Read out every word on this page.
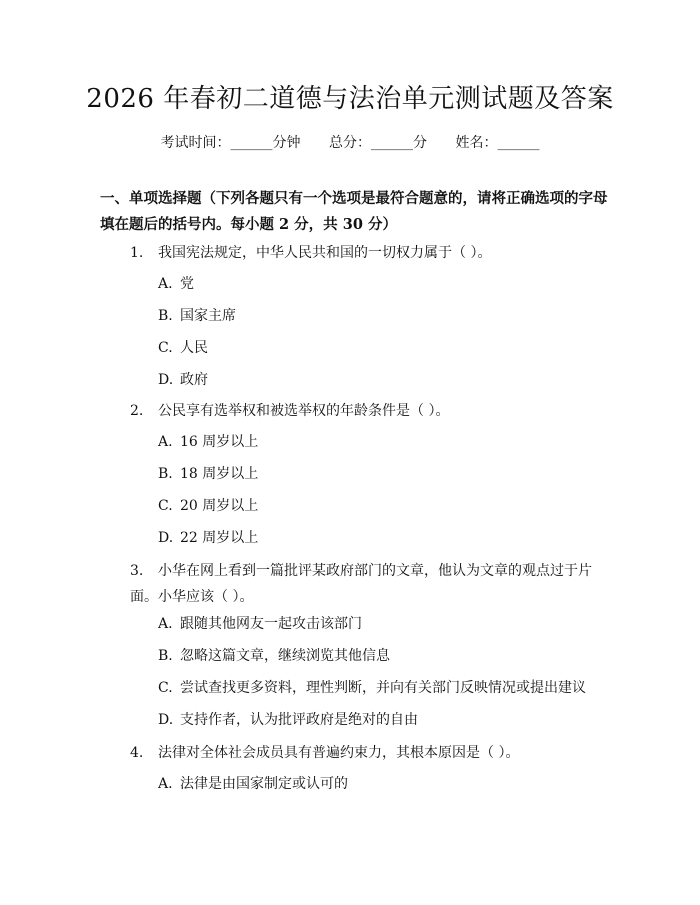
2026 年春初二道德与法治单元测试题及答案
考试时间：______分钟 总分：______分 姓名：______
一、单项选择题（下列各题只有一个选项是最符合题意的，请将正确选项的字母填在题后的括号内。每小题 2 分，共 30 分）
1. 我国宪法规定，中华人民共和国的一切权力属于（ ）。
A. 党
B. 国家主席
C. 人民
D. 政府
2. 公民享有选举权和被选举权的年龄条件是（ ）。
A. 16 周岁以上
B. 18 周岁以上
C. 20 周岁以上
D. 22 周岁以上
3. 小华在网上看到一篇批评某政府部门的文章，他认为文章的观点过于片面。小华应该（ ）。
A. 跟随其他网友一起攻击该部门
B. 忽略这篇文章，继续浏览其他信息
C. 尝试查找更多资料，理性判断，并向有关部门反映情况或提出建议
D. 支持作者，认为批评政府是绝对的自由
4. 法律对全体社会成员具有普遍约束力，其根本原因是（ ）。
A. 法律是由国家制定或认可的
